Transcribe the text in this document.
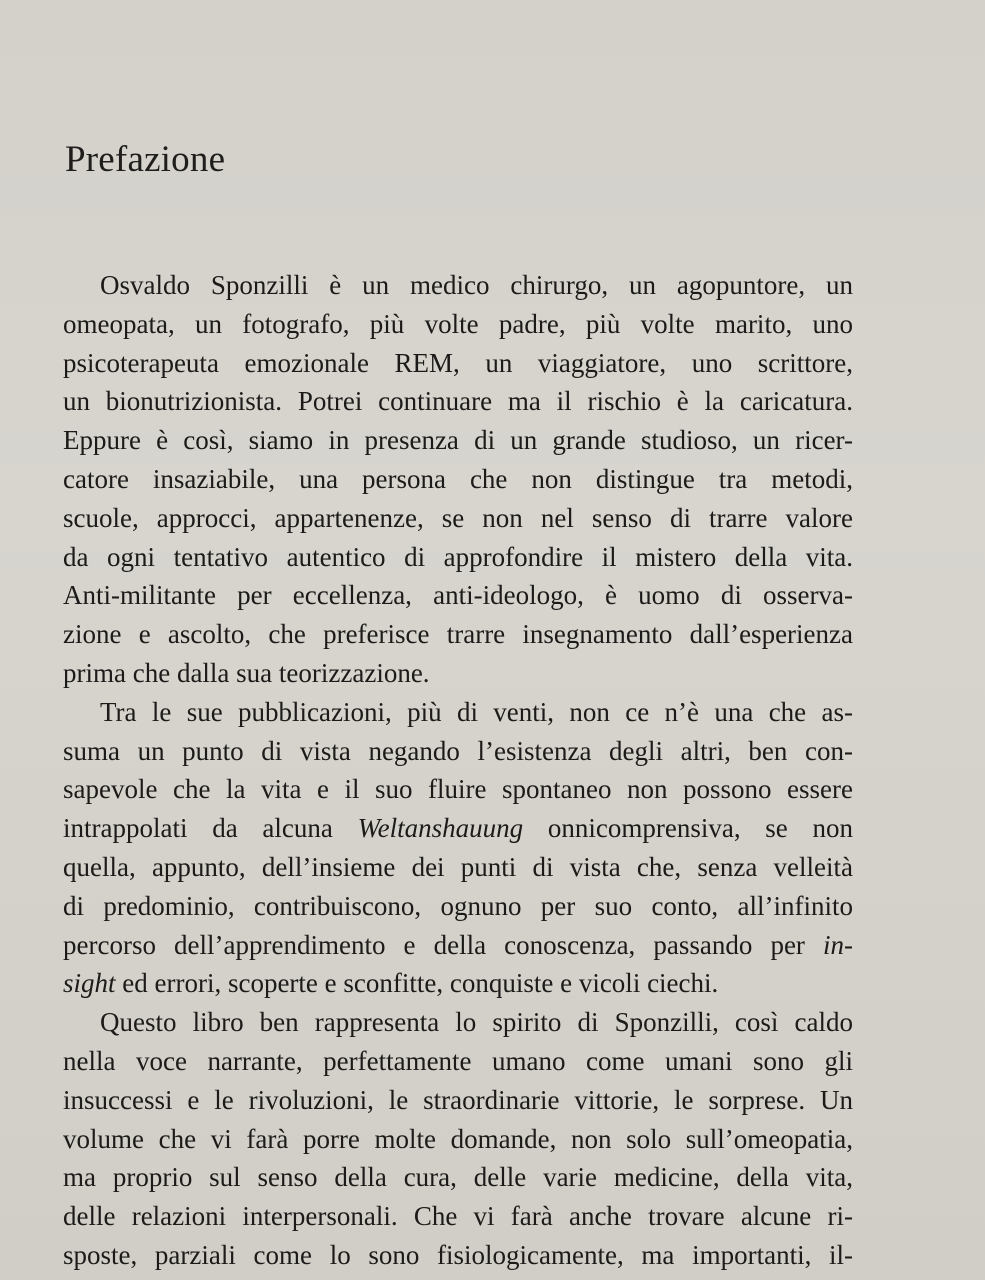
Prefazione
Osvaldo Sponzilli è un medico chirurgo, un agopuntore, un
omeopata, un fotografo, più volte padre, più volte marito, uno
psicoterapeuta emozionale REM, un viaggiatore, uno scrittore,
un bionutrizionista. Potrei continuare ma il rischio è la caricatura.
Eppure è così, siamo in presenza di un grande studioso, un ricer-
catore insaziabile, una persona che non distingue tra metodi,
scuole, approcci, appartenenze, se non nel senso di trarre valore
da ogni tentativo autentico di approfondire il mistero della vita.
Anti-militante per eccellenza, anti-ideologo, è uomo di osserva-
zione e ascolto, che preferisce trarre insegnamento dall’esperienza
prima che dalla sua teorizzazione.
Tra le sue pubblicazioni, più di venti, non ce n’è una che as-
suma un punto di vista negando l’esistenza degli altri, ben con-
sapevole che la vita e il suo fluire spontaneo non possono essere
intrappolati da alcuna Weltanshauung onnicomprensiva, se non
quella, appunto, dell’insieme dei punti di vista che, senza velleità
di predominio, contribuiscono, ognuno per suo conto, all’infinito
percorso dell’apprendimento e della conoscenza, passando per in-
sight ed errori, scoperte e sconfitte, conquiste e vicoli ciechi.
Questo libro ben rappresenta lo spirito di Sponzilli, così caldo
nella voce narrante, perfettamente umano come umani sono gli
insuccessi e le rivoluzioni, le straordinarie vittorie, le sorprese. Un
volume che vi farà porre molte domande, non solo sull’omeopatia,
ma proprio sul senso della cura, delle varie medicine, della vita,
delle relazioni interpersonali. Che vi farà anche trovare alcune ri-
sposte, parziali come lo sono fisiologicamente, ma importanti, il-
